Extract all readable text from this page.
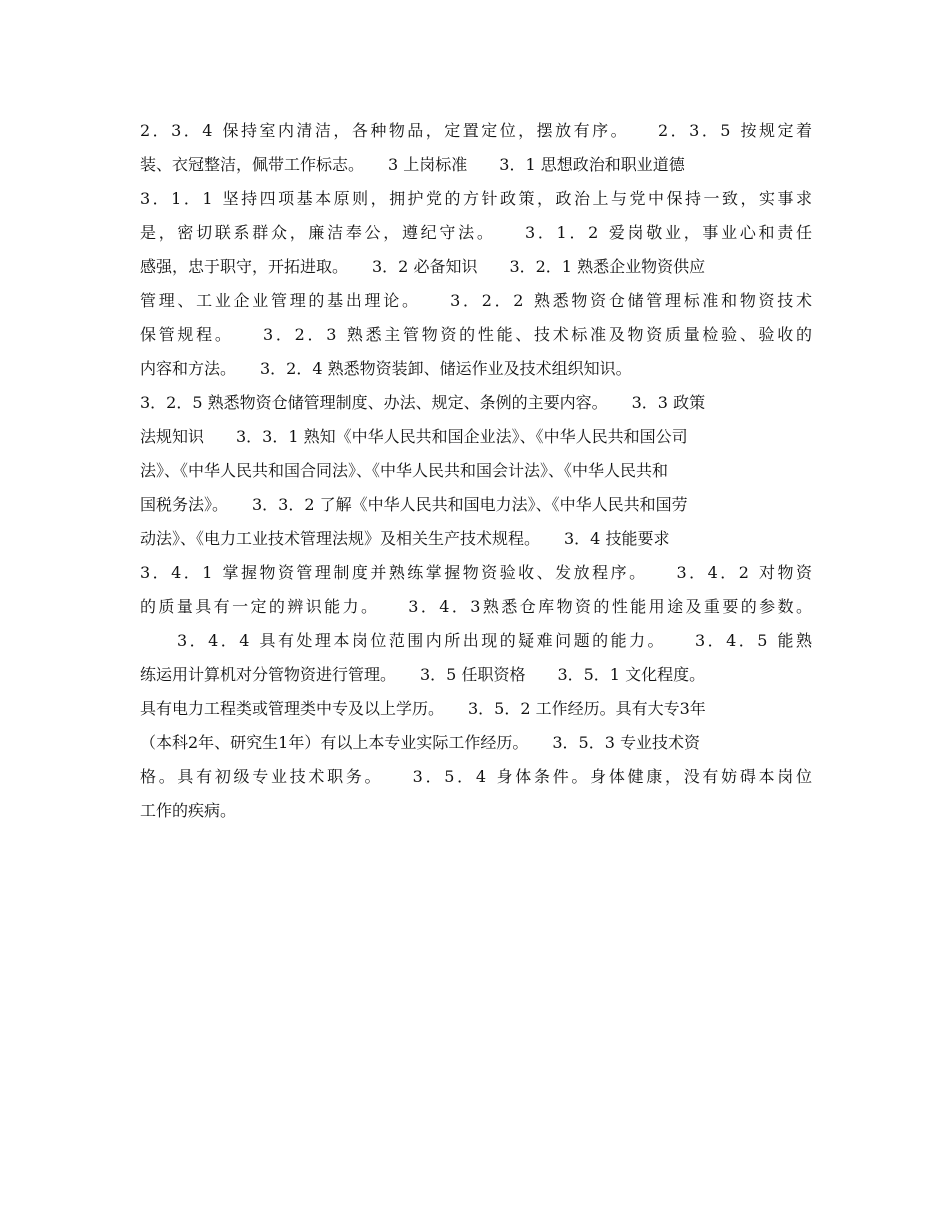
2．3．4 保持室内清洁，各种物品，定置定位，摆放有序。　　2．3．5 按规定着
装、衣冠整洁，佩带工作标志。　　3 上岗标准　　3．1 思想政治和职业道德
3．1．1 坚持四项基本原则，拥护党的方针政策，政治上与党中保持一致，实事求
是，密切联系群众，廉洁奉公，遵纪守法。　　3．1．2 爱岗敬业，事业心和责任
感强，忠于职守，开拓进取。　　3．2 必备知识　　3．2．1 熟悉企业物资供应
管理、工业企业管理的基出理论。　　3．2．2 熟悉物资仓储管理标准和物资技术
保管规程。　　3．2．3 熟悉主管物资的性能、技术标准及物资质量检验、验收的
内容和方法。　　3．2．4 熟悉物资装卸、储运作业及技术组织知识。
3．2．5 熟悉物资仓储管理制度、办法、规定、条例的主要内容。　　3．3 政策
法规知识　　3．3．1 熟知《中华人民共和国企业法》、《中华人民共和国公司
法》、《中华人民共和国合同法》、《中华人民共和国会计法》、《中华人民共和
国税务法》。　　3．3．2 了解《中华人民共和国电力法》、《中华人民共和国劳
动法》、《电力工业技术管理法规》及相关生产技术规程。　　3．4 技能要求
3．4．1 掌握物资管理制度并熟练掌握物资验收、发放程序。　　3．4．2 对物资
的质量具有一定的辨识能力。　　3．4．3熟悉仓库物资的性能用途及重要的参数。
　　3．4．4 具有处理本岗位范围内所出现的疑难问题的能力。　　3．4．5 能熟
练运用计算机对分管物资进行管理。　　3．5 任职资格　　3．5．1 文化程度。
具有电力工程类或管理类中专及以上学历。　　3．5．2 工作经历。具有大专3年
（本科2年、研究生1年）有以上本专业实际工作经历。　　3．5．3 专业技术资
格。具有初级专业技术职务。　　3．5．4 身体条件。身体健康，没有妨碍本岗位
工作的疾病。
